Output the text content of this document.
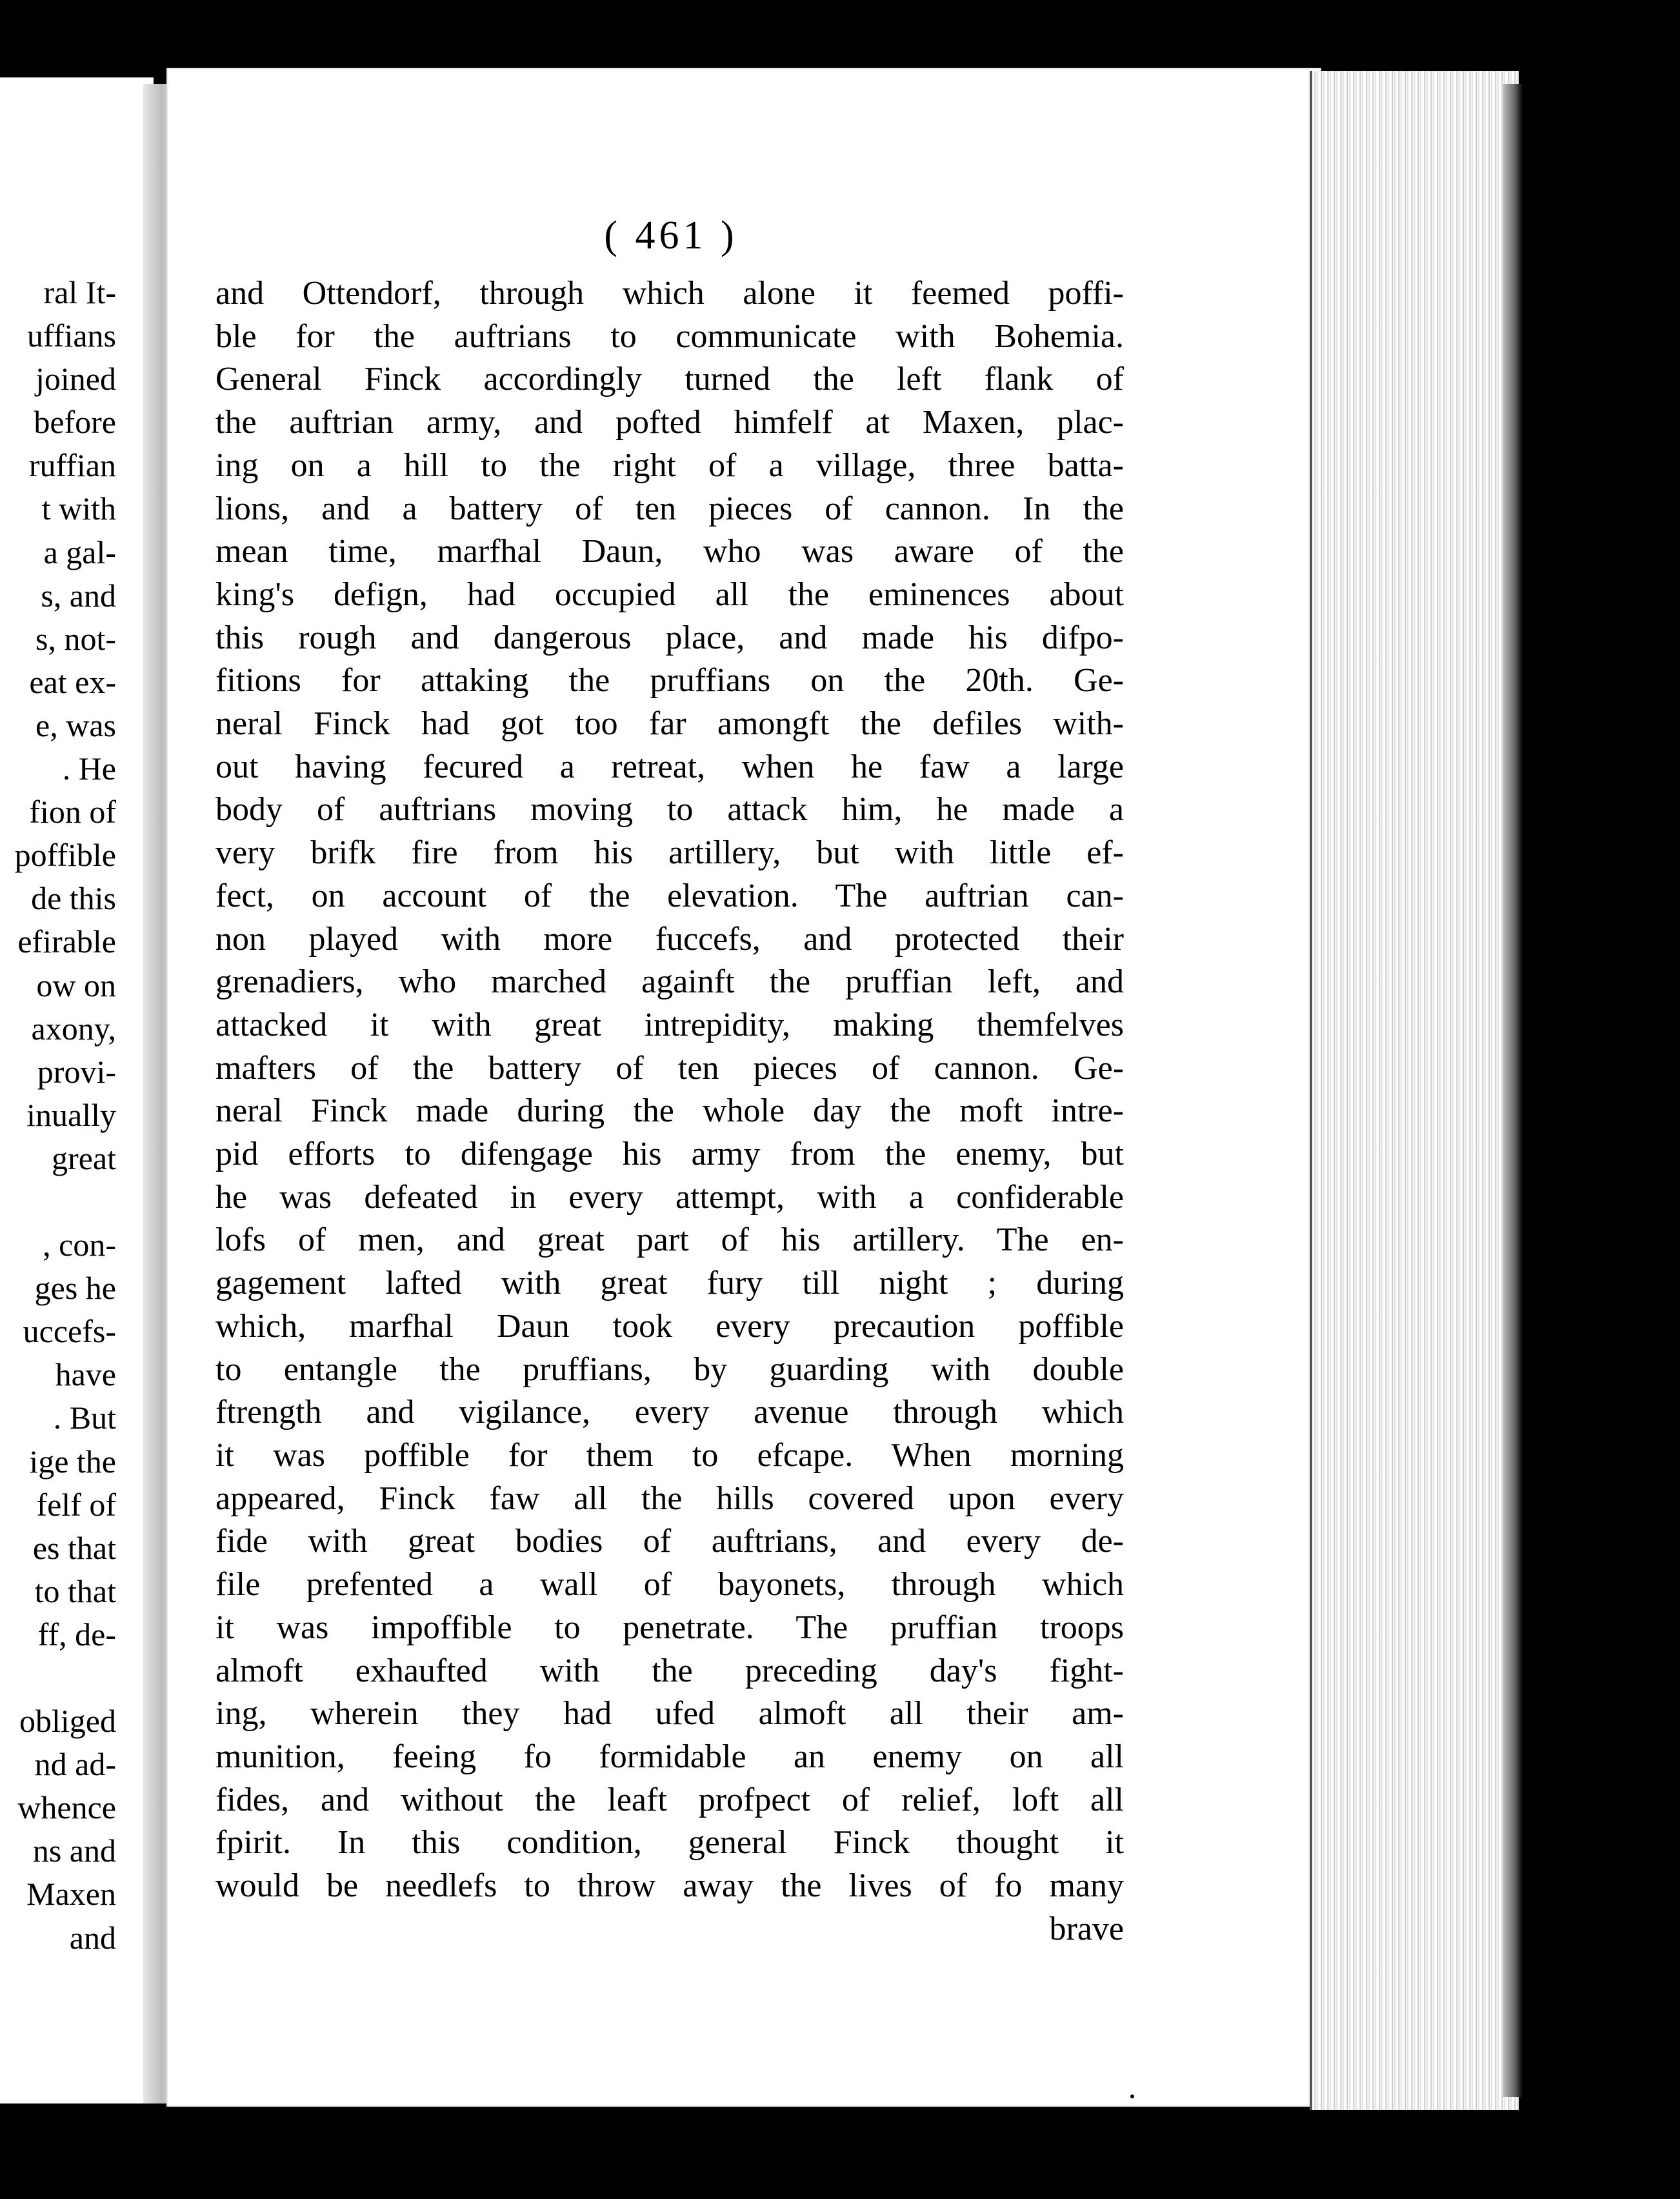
ral It-
uffians
joined
before
ruffian
t with
a gal-
s, and
s, not-
eat ex-
e, was
. He
fion of
poffible
de this
efirable
ow on
axony,
provi-
inually
great
, con-
ges he
uccefs-
have
. But
ige the
felf of
es that
to that
ff, de-
obliged
nd ad-
whence
ns and
Maxen
and
( 461 )
and Ottendorf, through which alone it feemed poffi-
ble for the auftrians to communicate with Bohemia.
General Finck accordingly turned the left flank of
the auftrian army, and pofted himfelf at Maxen, plac-
ing on a hill to the right of a village, three batta-
lions, and a battery of ten pieces of cannon. In the
mean time, marfhal Daun, who was aware of the
king's defign, had occupied all the eminences about
this rough and dangerous place, and made his difpo-
fitions for attaking the pruffians on the 20th. Ge-
neral Finck had got too far amongft the defiles with-
out having fecured a retreat, when he faw a large
body of auftrians moving to attack him, he made a
very brifk fire from his artillery, but with little ef-
fect, on account of the elevation. The auftrian can-
non played with more fuccefs, and protected their
grenadiers, who marched againft the pruffian left, and
attacked it with great intrepidity, making themfelves
mafters of the battery of ten pieces of cannon. Ge-
neral Finck made during the whole day the moft intre-
pid efforts to difengage his army from the enemy, but
he was defeated in every attempt, with a confiderable
lofs of men, and great part of his artillery. The en-
gagement lafted with great fury till night ; during
which, marfhal Daun took every precaution poffible
to entangle the pruffians, by guarding with double
ftrength and vigilance, every avenue through which
it was poffible for them to efcape. When morning
appeared, Finck faw all the hills covered upon every
fide with great bodies of auftrians, and every de-
file prefented a wall of bayonets, through which
it was impoffible to penetrate. The pruffian troops
almoft exhaufted with the preceding day's fight-
ing, wherein they had ufed almoft all their am-
munition, feeing fo formidable an enemy on all
fides, and without the leaft profpect of relief, loft all
fpirit. In this condition, general Finck thought it
would be needlefs to throw away the lives of fo many
brave
